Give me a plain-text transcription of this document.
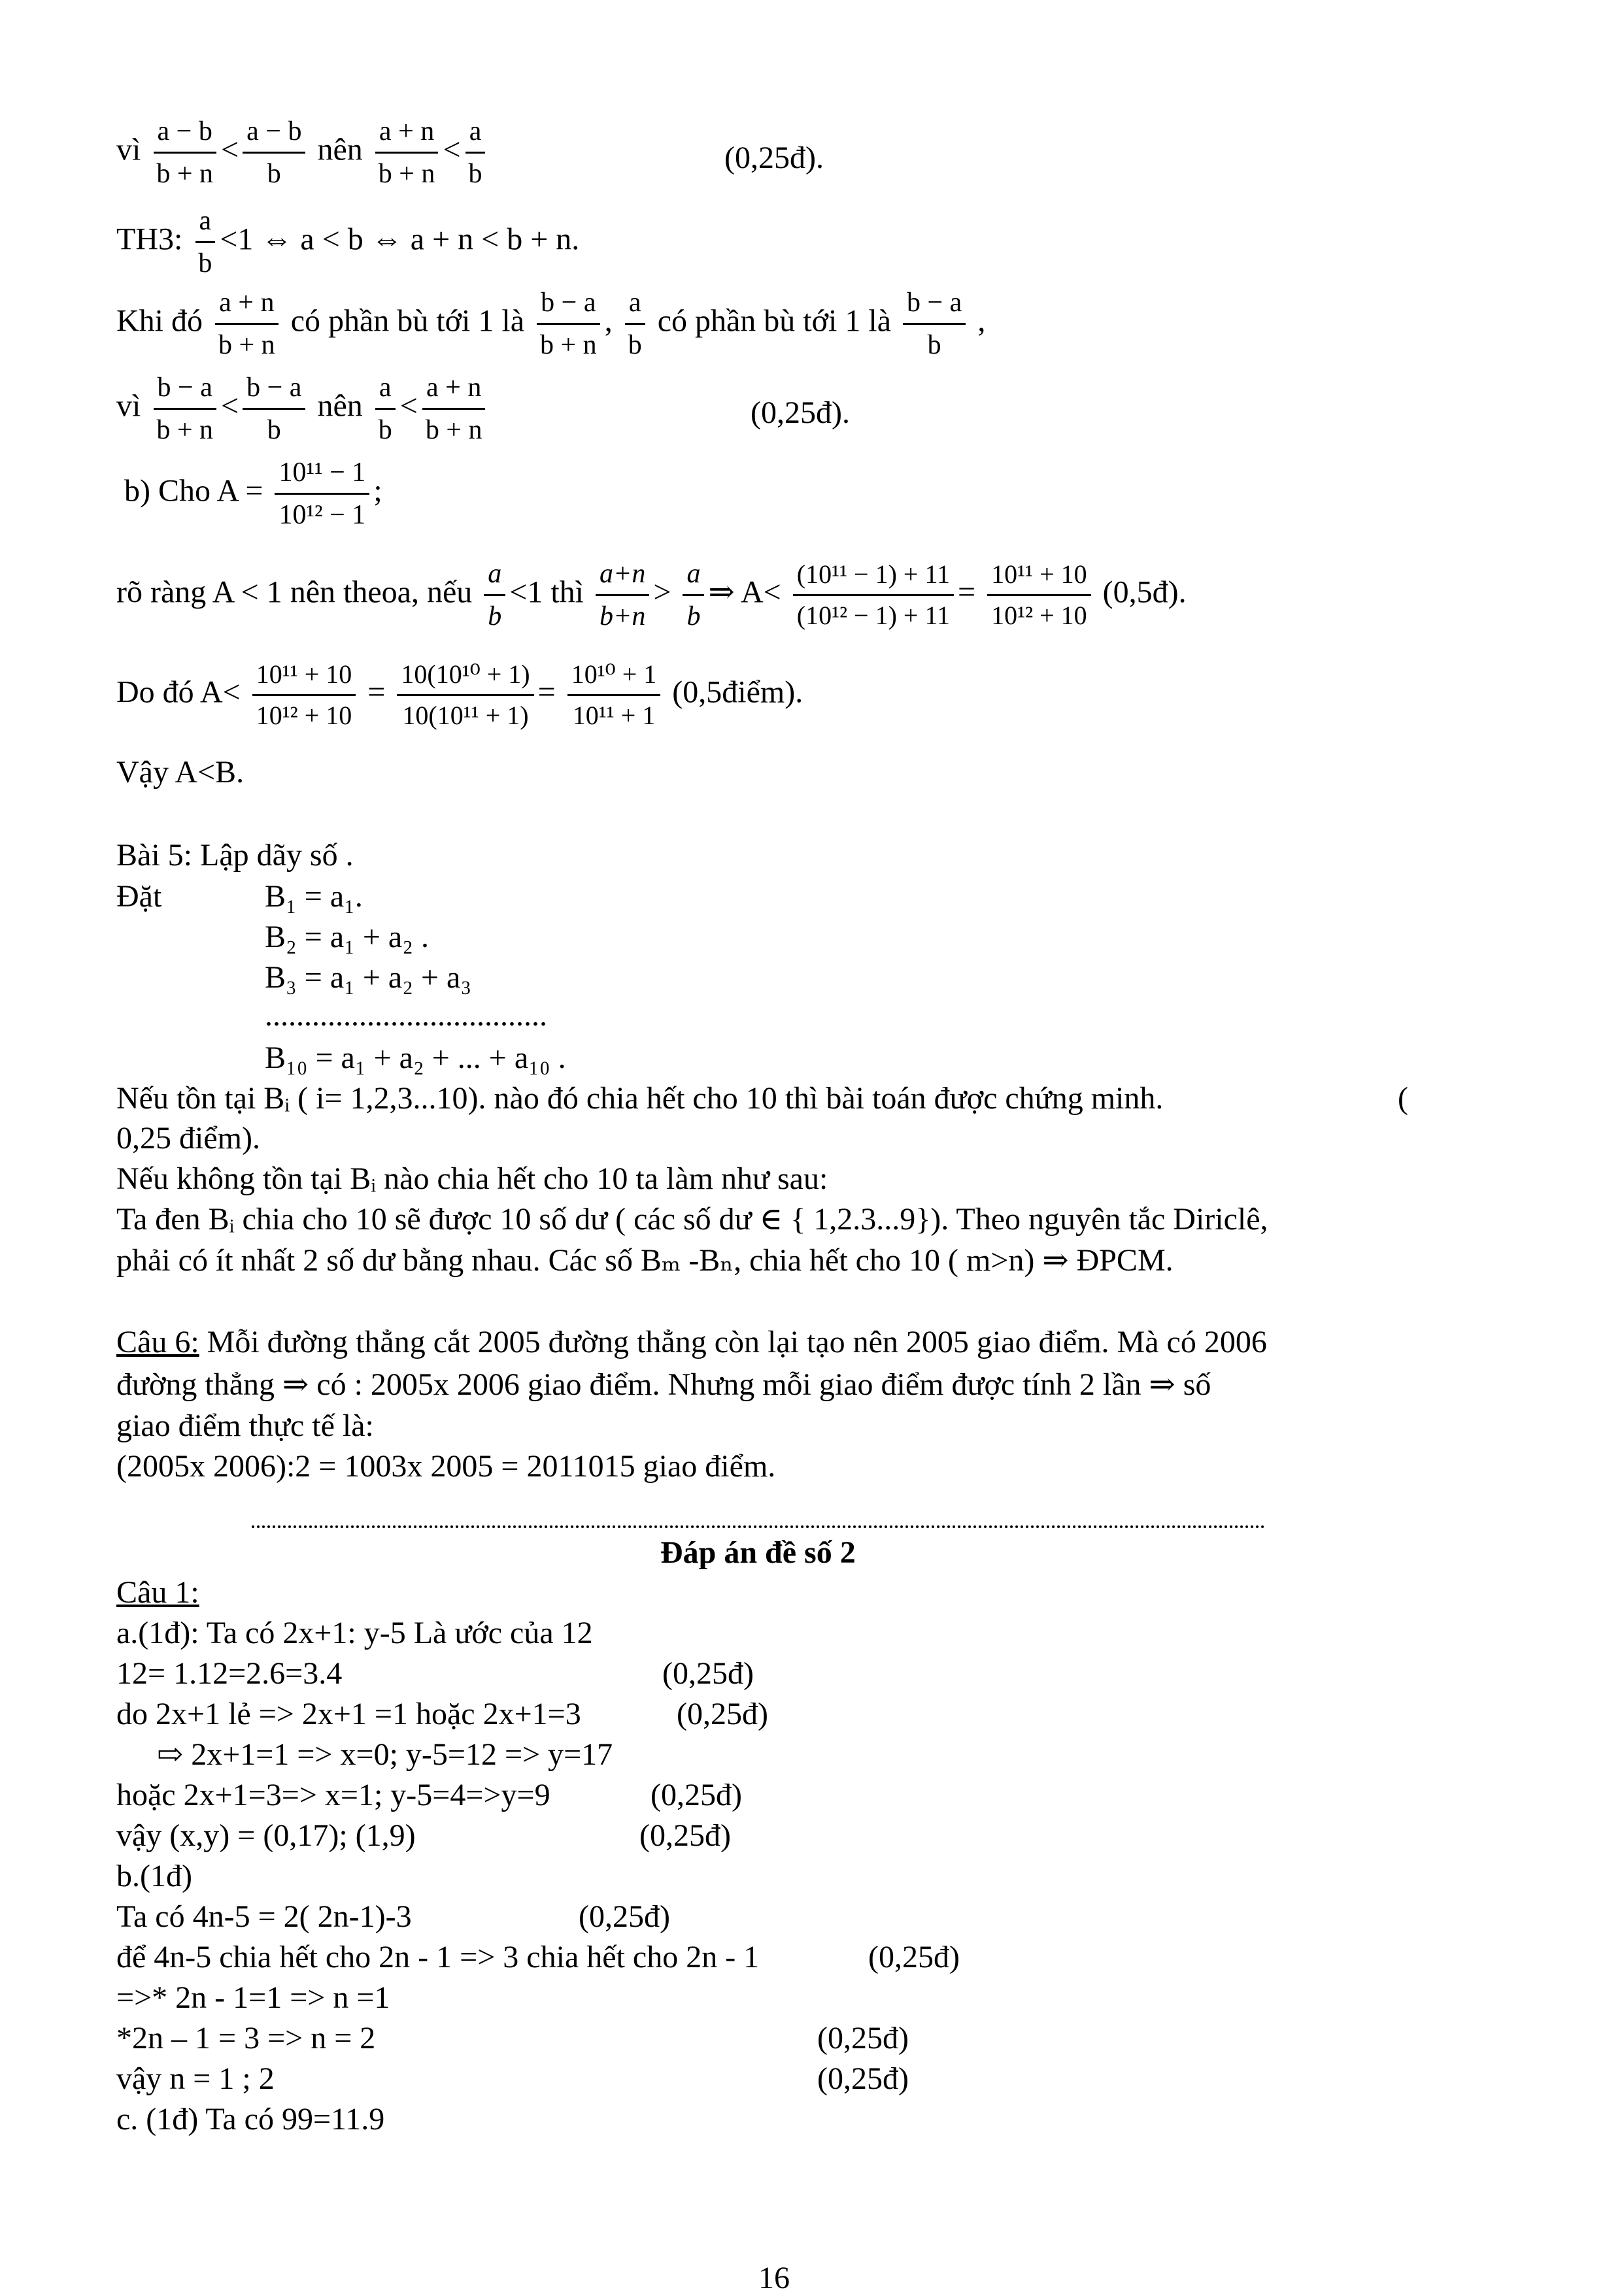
vì $\frac{a - b}{b + n} < \frac{a - b}{b}$ nên $\frac{a + n}{b + n} < \frac{a}{b}$	(0,25đ).
TH3: $\frac{a}{b} <1$ ⇔ a < b ⇔ a + n < b + n.
Khi đó $\frac{a + n}{b + n}$ có phần bù tới 1 là $\frac{b - a}{b + n}$ , $\frac{a}{b}$ có phần bù tới 1 là $\frac{b - a}{b}$ ,
vì $\frac{b - a}{b + n} < \frac{b - a}{b}$ nên $\frac{a}{b} < \frac{a + n}{b + n}$	(0,25đ).
b) Cho $A = \frac{\text{10¹¹ − 1}}{\text{10¹² − 1}}$ ;
rõ ràng A < 1 nên theoa, nếu $\frac{a}{b} <1$ thì $\frac{a+n}{b+n} > \frac{a}{b}$ ⇒ $A< \frac{\text{(10¹¹ − 1) + 11}}{\text{(10¹² − 1) + 11}} = \frac{\text{10¹¹ + 10}}{\text{10¹² + 10}}$ (0,5đ).
Do đó $A< \frac{\text{10¹¹ + 10}}{\text{10¹² + 10}} = \frac{\text{10(10¹⁰ + 1)}}{\text{10(10¹¹ + 1)}} = \frac{\text{10¹⁰ + 1}}{\text{10¹¹ + 1}}$ (0,5điểm).
Vậy A<B.
Bài 5: Lập dãy số .
Đặt	B₁ = a₁.
B₂ = a₁ + a₂ .
B₃ = a₁ + a₂ + a₃
....................................
B₁₀ = a₁ + a₂ + ... + a₁₀ .
Nếu tồn tại Bᵢ ( i= 1,2,3...10). nào đó chia hết cho 10 thì bài toán được chứng minh.	(
0,25 điểm).
Nếu không tồn tại Bᵢ nào chia hết cho 10 ta làm như sau:
Ta đen Bᵢ chia cho 10 sẽ được 10 số dư ( các số dư ∈ { 1,2.3...9}). Theo nguyên tắc Diriclê,
phải có ít nhất 2 số dư bằng nhau. Các số Bₘ -Bₙ, chia hết cho 10 ( m>n) ⇒ ĐPCM.
Câu 6: Mỗi đường thẳng cắt 2005 đường thẳng còn lại tạo nên 2005 giao điểm. Mà có 2006
đường thẳng ⇒ có : 2005x 2006 giao điểm. Nhưng mỗi giao điểm được tính 2 lần ⇒ số
giao điểm thực tế là:
(2005x 2006):2 = 1003x 2005 = 2011015 giao điểm.
Đáp án đề số 2
Câu 1:
a.(1đ): Ta có 2x+1: y-5 Là ước của 12
12= 1.12=2.6=3.4	(0,25đ)
do 2x+1 lẻ => 2x+1 =1 hoặc 2x+1=3	(0,25đ)
⇨ 2x+1=1 => x=0; y-5=12 => y=17
hoặc 2x+1=3=> x=1; y-5=4=>y=9	(0,25đ)
vậy (x,y) = (0,17); (1,9)	(0,25đ)
b.(1đ)
Ta có 4n-5 = 2( 2n-1)-3	(0,25đ)
để 4n-5 chia hết cho 2n - 1 => 3 chia hết cho 2n - 1	(0,25đ)
=>* 2n - 1=1 => n =1
*2n – 1 = 3 => n = 2	(0,25đ)
vậy n = 1 ; 2	(0,25đ)
c. (1đ) Ta có 99=11.9
16
